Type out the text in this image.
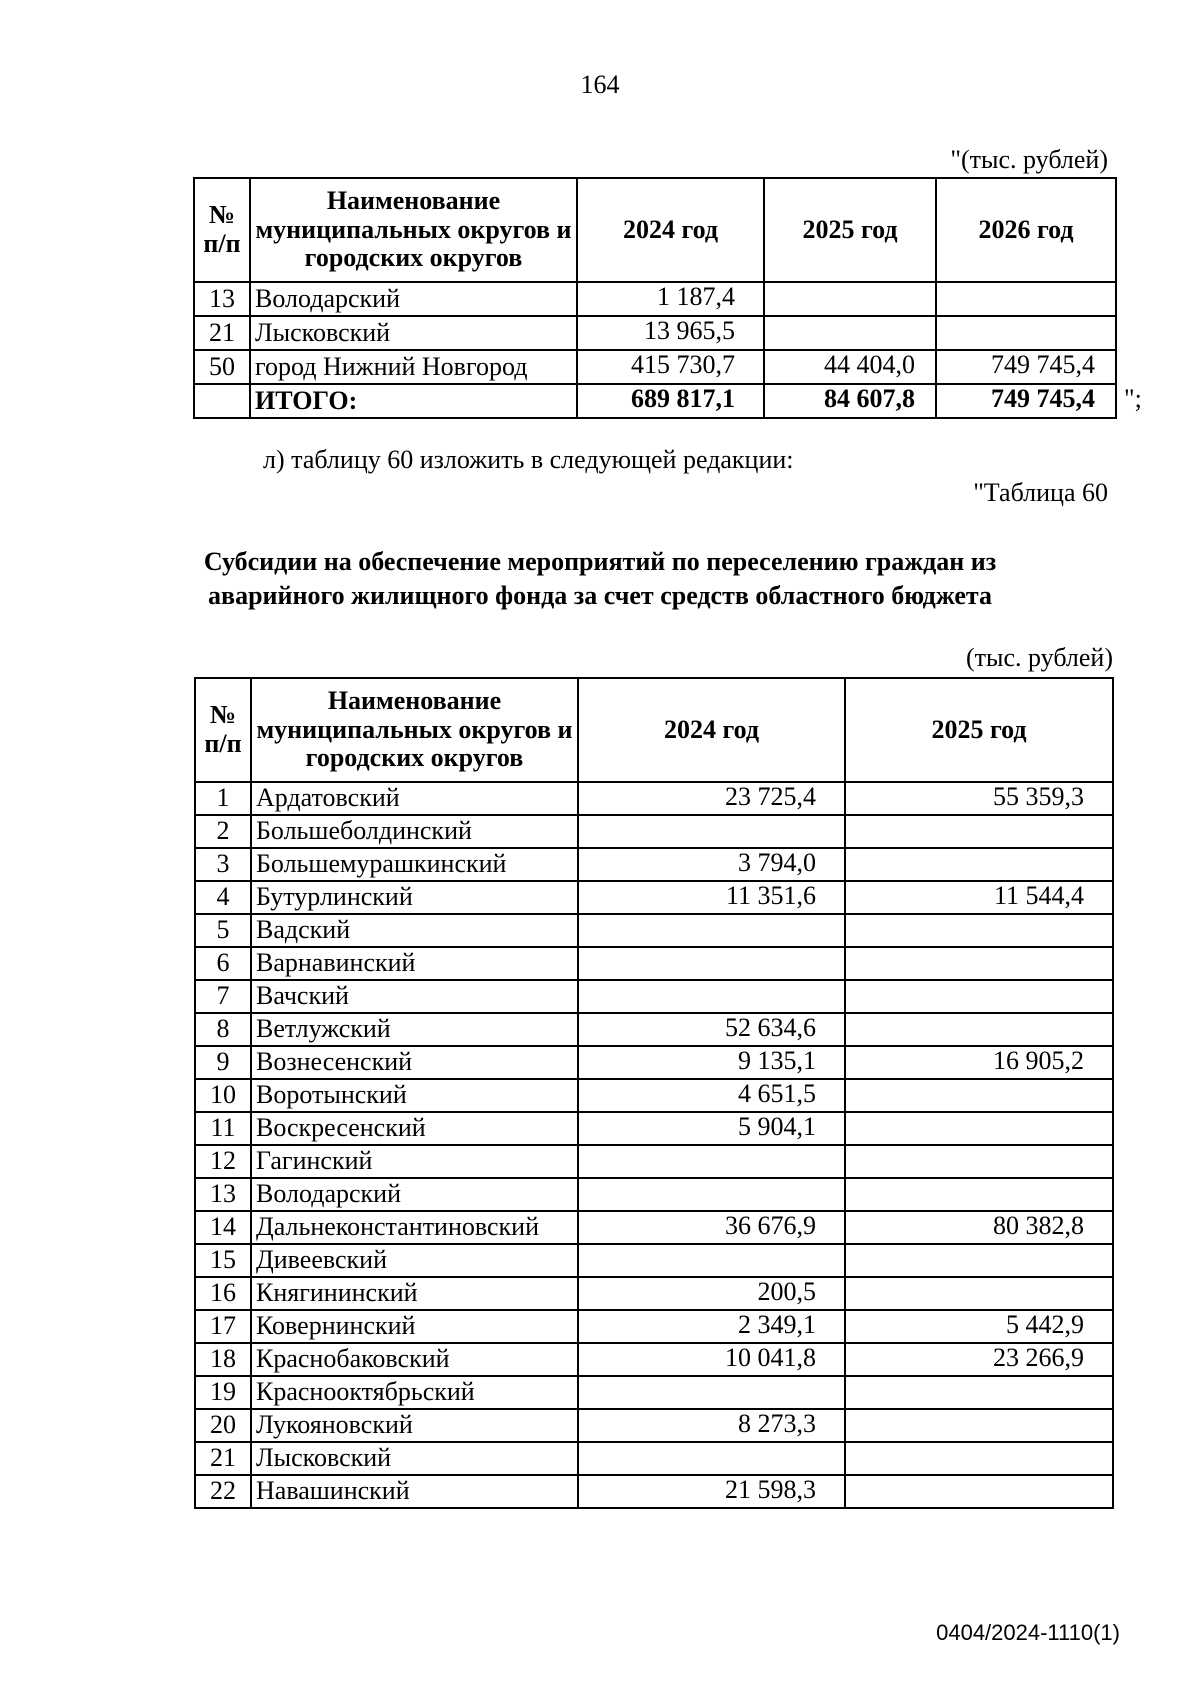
164
"(тыс. рублей)
№ п/п	Наименование муниципальных округов и городских округов	2024 год	2025 год	2026 год
13	Володарский	1 187,4		
21	Лысковский	13 965,5		
50	город Нижний Новгород	415 730,7	44 404,0	749 745,4
	ИТОГО:	689 817,1	84 607,8	749 745,4 ";
л) таблицу 60 изложить в следующей редакции:
"Таблица 60
Субсидии на обеспечение мероприятий по переселению граждан из
аварийного жилищного фонда за счет средств областного бюджета
(тыс. рублей)
№ п/п	Наименование муниципальных округов и городских округов	2024 год	2025 год
1	Ардатовский	23 725,4	55 359,3
2	Большеболдинский		
3	Большемурашкинский	3 794,0	
4	Бутурлинский	11 351,6	11 544,4
5	Вадский		
6	Варнавинский		
7	Вачский		
8	Ветлужский	52 634,6	
9	Вознесенский	9 135,1	16 905,2
10	Воротынский	4 651,5	
11	Воскресенский	5 904,1	
12	Гагинский		
13	Володарский		
14	Дальнеконстантиновский	36 676,9	80 382,8
15	Дивеевский		
16	Княгининский	200,5	
17	Ковернинский	2 349,1	5 442,9
18	Краснобаковский	10 041,8	23 266,9
19	Краснооктябрьский		
20	Лукояновский	8 273,3	
21	Лысковский		
22	Навашинский	21 598,3	
0404/2024-1110(1)
